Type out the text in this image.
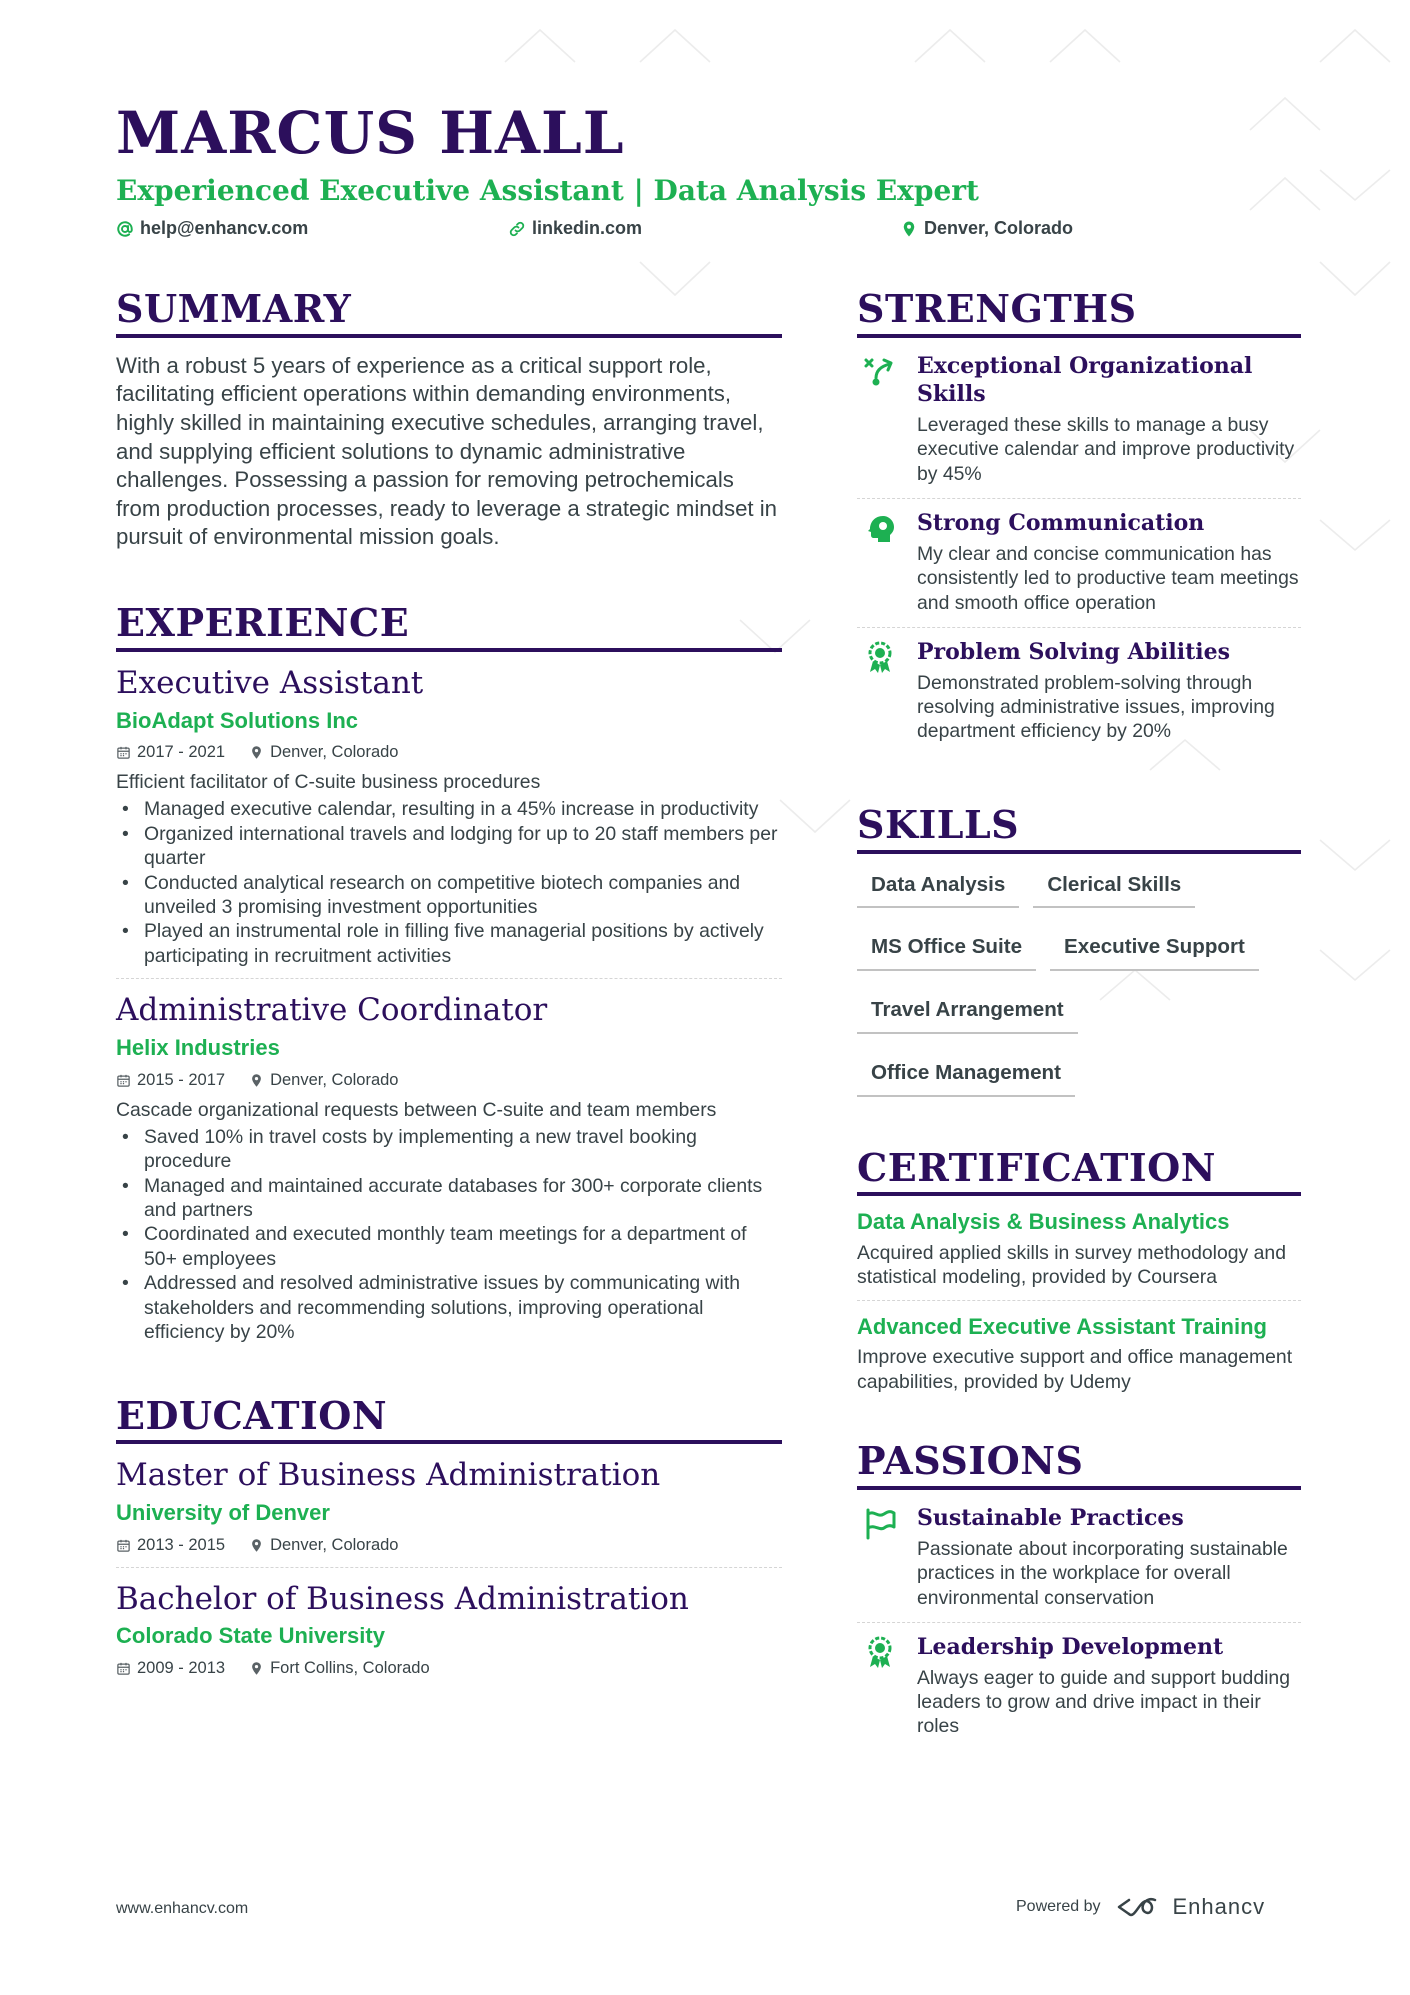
MARCUS HALL
Experienced Executive Assistant | Data Analysis Expert
help@enhancv.com	linkedin.com	Denver, Colorado
SUMMARY

With a robust 5 years of experience as a critical support role, facilitating efficient operations within demanding environments, highly skilled in maintaining executive schedules, arranging travel, and supplying efficient solutions to dynamic administrative challenges. Possessing a passion for removing petrochemicals from production processes, ready to leverage a strategic mindset in pursuit of environmental mission goals.

EXPERIENCE
Executive Assistant
BioAdapt Solutions Inc
2017 - 2021	Denver, Colorado
Efficient facilitator of C-suite business procedures
• Managed executive calendar, resulting in a 45% increase in productivity
• Organized international travels and lodging for up to 20 staff members per quarter
• Conducted analytical research on competitive biotech companies and unveiled 3 promising investment opportunities
• Played an instrumental role in filling five managerial positions by actively participating in recruitment activities
Administrative Coordinator
Helix Industries
2015 - 2017	Denver, Colorado
Cascade organizational requests between C-suite and team members
• Saved 10% in travel costs by implementing a new travel booking procedure
• Managed and maintained accurate databases for 300+ corporate clients and partners
• Coordinated and executed monthly team meetings for a department of 50+ employees
• Addressed and resolved administrative issues by communicating with stakeholders and recommending solutions, improving operational efficiency by 20%
EDUCATION
Master of Business Administration
University of Denver
2013 - 2015	Denver, Colorado
Bachelor of Business Administration
Colorado State University
2009 - 2013	Fort Collins, Colorado
STRENGTHS
Exceptional Organizational Skills
Leveraged these skills to manage a busy executive calendar and improve productivity by 45%
Strong Communication
My clear and concise communication has consistently led to productive team meetings and smooth office operation
Problem Solving Abilities
Demonstrated problem-solving through resolving administrative issues, improving department efficiency by 20%
SKILLS
Data Analysis	Clerical Skills
MS Office Suite	Executive Support
Travel Arrangement
Office Management
CERTIFICATION
Data Analysis & Business Analytics
Acquired applied skills in survey methodology and statistical modeling, provided by Coursera
Advanced Executive Assistant Training
Improve executive support and office management capabilities, provided by Udemy
PASSIONS
Sustainable Practices
Passionate about incorporating sustainable practices in the workplace for overall environmental conservation
Leadership Development
Always eager to guide and support budding leaders to grow and drive impact in their roles
www.enhancv.com	Powered by	Enhancv
